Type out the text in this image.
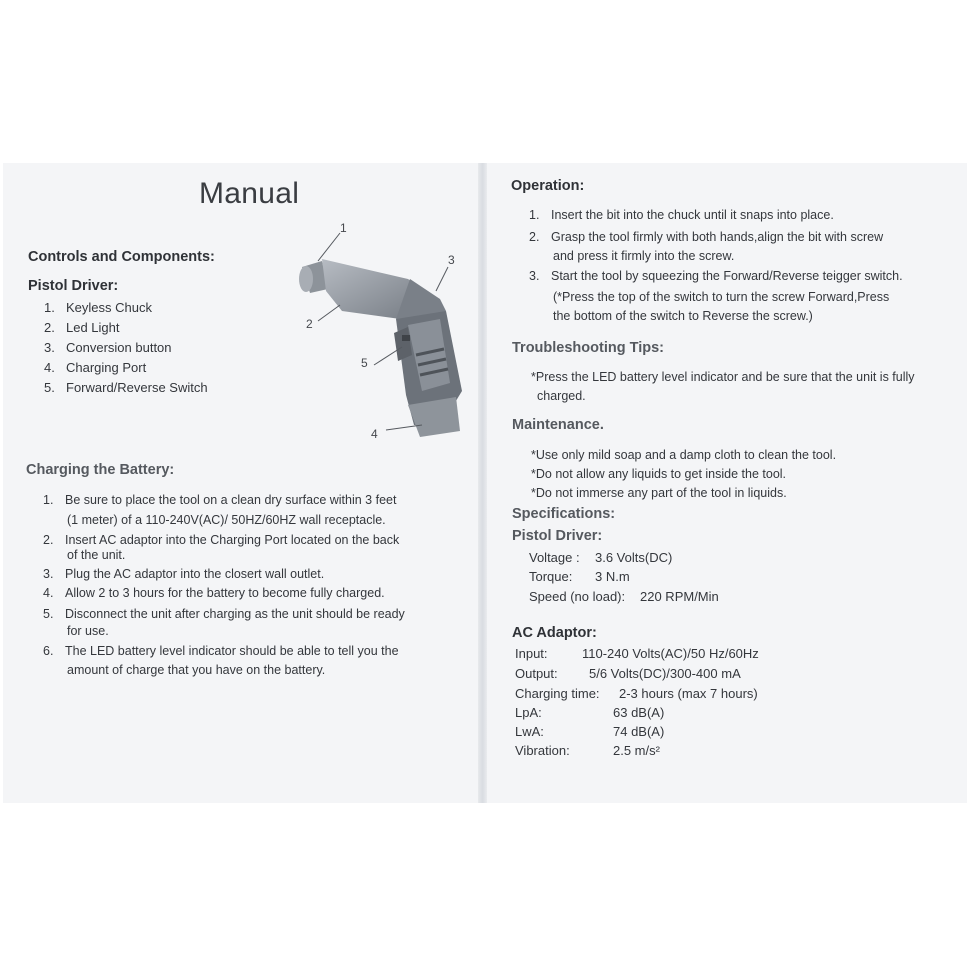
Manual
Controls and Components:
Pistol Driver:
1. Keyless Chuck
2. Led Light
3. Conversion button
4. Charging Port
5. Forward/Reverse Switch
1
2
3
4
5
Charging the Battery:
1. Be sure to place the tool on a clean dry surface within 3 feet
(1 meter) of a 110-240V(AC)/ 50HZ/60HZ wall receptacle.
2. Insert AC adaptor into the Charging Port located on the back
of the unit.
3. Plug the AC adaptor into the closert wall outlet.
4. Allow 2 to 3 hours for the battery to become fully charged.
5. Disconnect the unit after charging as the unit should be ready
for use.
6. The LED battery level indicator should be able to tell you the
amount of charge that you have on the battery.
Operation:
1. Insert the bit into the chuck until it snaps into place.
2. Grasp the tool firmly with both hands,align the bit with screw
and press it firmly into the screw.
3. Start the tool by squeezing the Forward/Reverse teigger switch.
(*Press the top of the switch to turn the screw Forward,Press
the bottom of the switch to Reverse the screw.)
Troubleshooting Tips:
*Press the LED battery level indicator and be sure that the unit is fully
charged.
Maintenance.
*Use only mild soap and a damp cloth to clean the tool.
*Do not allow any liquids to get inside the tool.
*Do not immerse any part of the tool in liquids.
Specifications:
Pistol Driver:
Voltage : 3.6 Volts(DC)
Torque: 3 N.m
Speed (no load): 220 RPM/Min
AC Adaptor:
Input:	110-240 Volts(AC)/50 Hz/60Hz
Output: 5/6 Volts(DC)/300-400 mA
Charging time: 2-3 hours (max 7 hours)
LpA:	63 dB(A)
LwA:	74 dB(A)
Vibration:	2.5 m/s²
